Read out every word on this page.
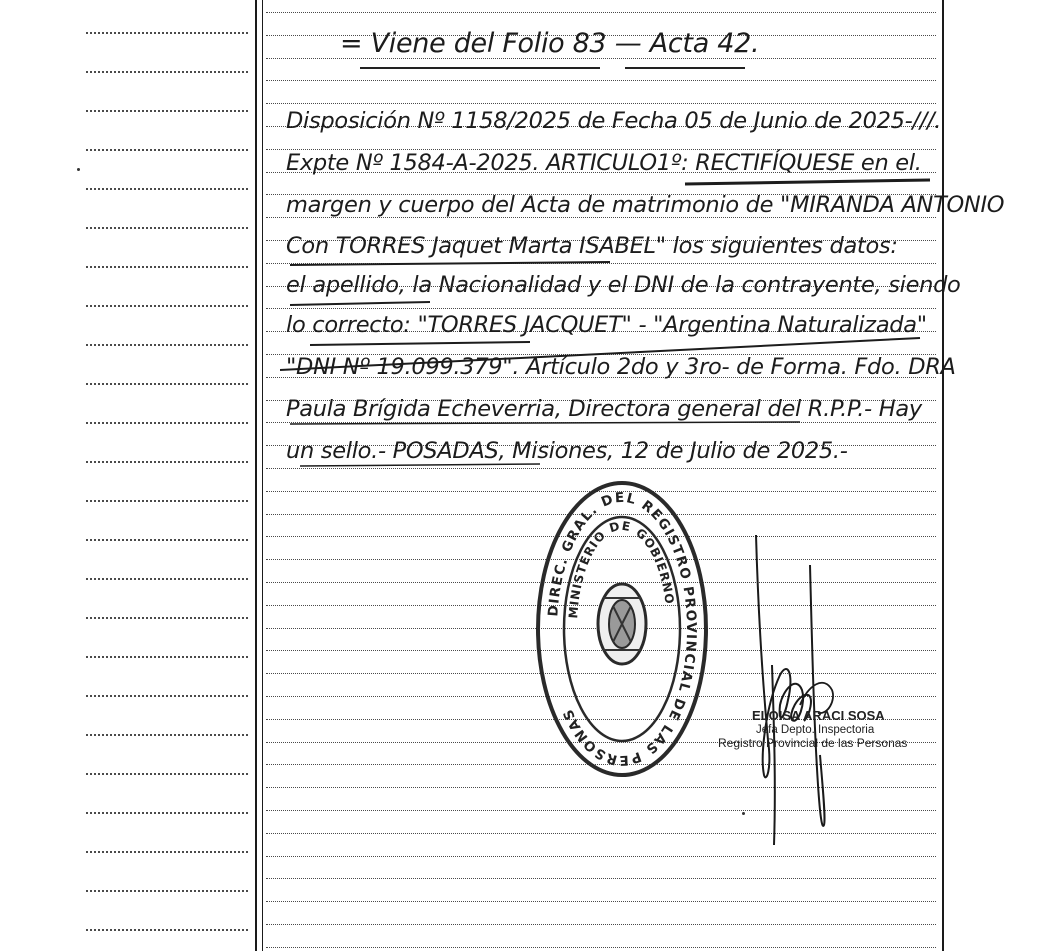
= Viene del Folio 83 — Acta 42.
Disposición Nº 1158/2025 de Fecha 05 de Junio de 2025-///.
Expte Nº 1584-A-2025. ARTICULO1º: RECTIFÍQUESE en el.
margen y cuerpo del Acta de matrimonio de "MIRANDA ANTONIO
Con TORRES Jaquet Marta ISABEL" los siguientes datos:
el apellido, la Nacionalidad y el DNI de la contrayente, siendo
lo correcto: "TORRES JACQUET" - "Argentina Naturalizada"
"DNI Nº 19.099.379". Artículo 2do y 3ro- de Forma. Fdo. DRA
Paula Brígida Echeverria, Directora general del R.P.P.- Hay
un sello.- POSADAS, Misiones, 12 de Julio de 2025.-
DIREC. GRAL. DEL REGISTRO PROVINCIAL DE LAS PERSONAS
MINISTERIO DE GOBIERNO
ELOISA ARACI SOSA
Jefa Depto. Inspectoria
Registro Provincial de las Personas
